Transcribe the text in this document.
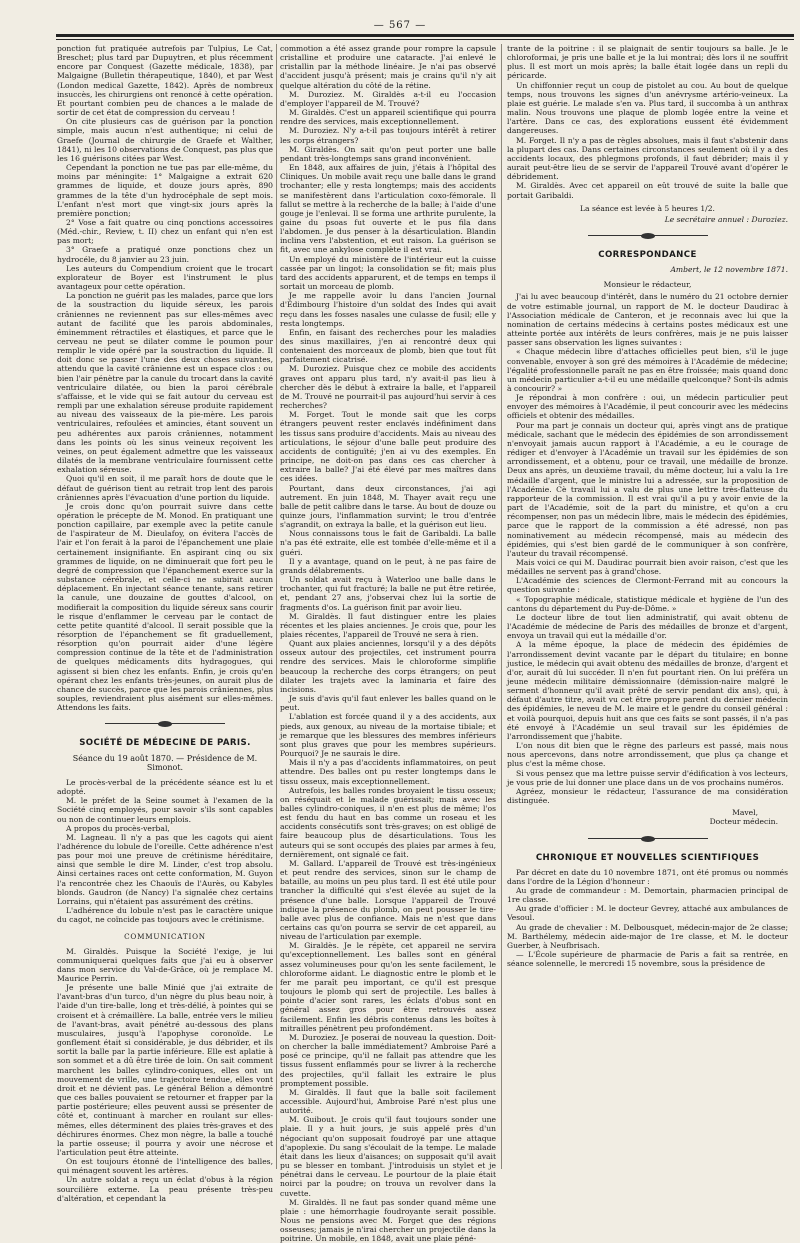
— 567 —

ponction fut pratiquée autrefois par Tulpius, Le Cat, Breschet; plus tard par Dupuytren, et plus récemment encore par Conquest (Gazette médicale, 1838), par Malgaigne (Bulletin thérapeutique, 1840), et par West (London medical Gazette, 1842). Après de nombreux insuccès, les chirurgiens ont renoncé à cette opération. Et pourtant combien peu de chances a le malade de sortir de cet état de compression du cerveau !

On cite plusieurs cas de guérison par la ponction simple, mais aucun n'est authentique; ni celui de Graefe (Journal de chirurgie de Graefe et Walther, 1841), ni les 10 observations de Conquest, pas plus que les 16 guérisons citées par West.

Cependant la ponction ne tue pas par elle-même, du moins par méningite: 1° Malgaigne a extrait 620 grammes de liquide, et douze jours après, 890 grammes de la tête d'un hydrocéphale de sept mois. L'enfant n'est mort que vingt-six jours après la première ponction;

2° Vose a fait quatre ou cinq ponctions accessoires (Méd.-chir., Review, t. II) chez un enfant qui n'en est pas mort;

3° Graefe a pratiqué onze ponctions chez un hydrocéle, du 8 janvier au 23 juin.

Les auteurs du Compendium croient que le trocart explorateur de Boyer est l'instrument le plus avantageux pour cette opération.

La ponction ne guérit pas les malades, parce que lors de la soustraction du liquide séreux, les parois crâniennes ne reviennent pas sur elles-mêmes avec autant de facilité que les parois abdominales, éminemment rétractiles et élastiques, et parce que le cerveau ne peut se dilater comme le poumon pour remplir le vide opéré par la soustraction du liquide. Il doit donc se passer l'une des deux choses suivantes, attendu que la cavité crânienne est un espace clos : ou bien l'air pénètre par la canule du trocart dans la cavité ventriculaire dilatée, ou bien la paroi cérébrale s'affaisse, et le vide qui se fait autour du cerveau est rempli par une exhalation séreuse produite rapidement au niveau des vaisseaux de la pie-mère. Les parois ventriculaires, refoulées et amincies, étant souvent un peu adhérentes aux parois crâniennes, notamment dans les points où les sinus veineux reçoivent les veines, on peut également admettre que les vaisseaux dilatés de la membrane ventriculaire fournissent cette exhalation séreuse.

Quoi qu'il en soit, il me paraît hors de doute que le défaut de guérison tient au retrait trop lent des parois crâniennes après l'évacuation d'une portion du liquide.

Je crois donc qu'on pourrait suivre dans cette opération le précepte de M. Monod. En pratiquant une ponction capillaire, par exemple avec la petite canule de l'aspirateur de M. Dieulafoy, on évitera l'accès de l'air et l'on ferait à la paroi de l'épanchement une plaie certainement insignifiante. En aspirant cinq ou six grammes de liquide, on ne diminuerait que fort peu le degré de compression que l'épanchement exerce sur la substance cérébrale, et celle-ci ne subirait aucun déplacement. En injectant séance tenante, sans retirer la canule, une douzaine de gouttes d'alcool, on modifierait la composition du liquide séreux sans courir le risque d'enflammer le cerveau par le contact de cette petite quantité d'alcool. Il serait possible que la résorption de l'épanchement se fît graduellement, résorption qu'on pourrait aider d'une légère compression continue de la tête et de l'administration de quelques médicaments dits hydragogues, qui agissent si bien chez les enfants. Enfin, je crois qu'en opérant chez les enfants très-jeunes, on aurait plus de chance de succès, parce que les parois crâniennes, plus souples, reviendraient plus aisément sur elles-mêmes. Attendons les faits.

SOCIÉTÉ DE MÉDECINE DE PARIS.
Séance du 19 août 1870. — Présidence de M. Simonot.

Le procès-verbal de la précédente séance est lu et adopté.

M. le préfet de la Seine soumet à l'examen de la Société cinq employés, pour savoir s'ils sont capables ou non de continuer leurs emplois.

A propos du procès-verbal,

M. Lagneau. Il n'y a pas que les cagots qui aient l'adhérence du lobule de l'oreille. Cette adhérence n'est pas pour moi une preuve de crétinisme héréditaire, ainsi que semble le dire M. Linder, c'est trop absolu. Ainsi certaines races ont cette conformation, M. Guyon l'a rencontrée chez les Chaouïs de l'Aurès, ou Kabyles blonds. Gaudron (de Nancy) l'a signalée chez certains Lorrains, qui n'étaient pas assurément des crétins.

L'adhérence du lobule n'est pas le caractère unique du cagot, ne coïncide pas toujours avec le crétinisme.

COMMUNICATION

M. Giraldès. Puisque la Société l'exige, je lui communiquerai quelques faits que j'ai eu à observer dans mon service du Val-de-Grâce, où je remplace M. Maurice Perrin.

Je présente une balle Minié que j'ai extraite de l'avant-bras d'un turco, d'un nègre du plus beau noir, à l'aide d'un tire-balle, long et très-délié, à pointes qui se croisent et à crémaillère. La balle, entrée vers le milieu de l'avant-bras, avait pénétré au-dessous des plans musculaires, jusqu'à l'apophyse coronoïde. Le gonflement était si considérable, je dus débrider, et ils sortit la balle par la partie inférieure. Elle est aplatie à son sommet et a dû être tirée de loin. On sait comment marchent les balles cylindro-coniques, elles ont un mouvement de vrille, une trajectoire tendue, elles vont droit et ne dévient pas. Le général Bélion a démontré que ces balles pouvaient se retourner et frapper par la partie postérieure; elles peuvent aussi se présenter de côté et, continuant à marcher en roulant sur elles-mêmes, elles déterminent des plaies très-graves et des déchirures énormes. Chez mon nègre, la balle a touché la partie osseuse; il pourra y avoir une nécrose et l'articulation peut être atteinte.

On est toujours étonné de l'intelligence des balles, qui ménagent souvent les artères.

Un autre soldat a reçu un éclat d'obus à la région sourcilière externe. La peau présente très-peu d'altération, et cependant la

commotion a été assez grande pour rompre la capsule cristalline et produire une cataracte. J'ai enlevé le cristallin par la méthode linéaire. Je n'ai pas observé d'accident jusqu'à présent; mais je crains qu'il n'y ait quelque altération du côté de la rétine.

M. Duroziez. M. Giraldès a-t-il eu l'occasion d'employer l'appareil de M. Trouvé?

M. Giraldès. C'est un appareil scientifique qui pourra rendre des services, mais exceptionnellement.

M. Duroziez. N'y a-t-il pas toujours intérêt à retirer les corps étrangers?

M. Giraldès. On sait qu'on peut porter une balle pendant très-longtemps sans grand inconvénient.

En 1848, aux affaires de juin, j'étais à l'hôpital des Cliniques. Un mobile avait reçu une balle dans le grand trochanter; elle y resta longtemps; mais des accidents se manifestèrent dans l'articulation coxo-fémorale. Il fallut se mettre à la recherche de la balle; à l'aide d'une gouge je l'enlevai. Il se forma une arthrite purulente, la gaine du psoas fut ouverte et le pus fila dans l'abdomen. Je dus penser à la désarticulation. Blandin inclina vers l'abstention, et eut raison. La guérison se fit, avec une ankylose complète il est vrai.

Un employé du ministère de l'intérieur eut la cuisse cassée par un lingot; la consolidation se fit; mais plus tard des accidents apparurent, et de temps en temps il sortait un morceau de plomb.

Je me rappelle avoir lu dans l'ancien Journal d'Édimbourg l'histoire d'un soldat des Indes qui avait reçu dans les fosses nasales une culasse de fusil; elle y resta longtemps.

Enfin, en faisant des recherches pour les maladies des sinus maxillaires, j'en ai rencontré deux qui contenaient des morceaux de plomb, bien que tout fût parfaitement cicatrisé.

M. Duroziez. Puisque chez ce mobile des accidents graves ont apparu plus tard, n'y avait-il pas lieu à chercher dès le début à extraire la balle, et l'appareil de M. Trouvé ne pourrait-il pas aujourd'hui servir à ces recherches?

M. Forget. Tout le monde sait que les corps étrangers peuvent rester enclavés indéfiniment dans les tissus sans produire d'accidents. Mais au niveau des articulations, le séjour d'une balle peut produire des accidents de contiguïté; j'en ai vu des exemples. En principe, ne doit-on pas dans ces cas chercher à extraire la balle? J'ai été élevé par mes maîtres dans ces idées.

Pourtant, dans deux circonstances, j'ai agi autrement. En juin 1848, M. Thayer avait reçu une balle de petit calibre dans le tarse. Au bout de douze ou quinze jours, l'inflammation survint; le trou d'entrée s'agrandit, on extraya la balle, et la guérison eut lieu.

Nous connaissons tous le fait de Garibaldi. La balle n'a pas été extraite, elle est tombée d'elle-même et il a guéri.

Il y a avantage, quand on le peut, à ne pas faire de grands délabrements.

Un soldat avait reçu à Waterloo une balle dans le trochanter, qui fut fracturé; la balle ne put être retirée, et, pendant 27 ans, j'observai chez lui la sortie de fragments d'os. La guérison finit par avoir lieu.

M. Giraldès. Il faut distinguer entre les plaies récentes et les plaies anciennes. Je crois que, pour les plaies récentes, l'appareil de Trouvé ne sera à rien.

Quant aux plaies anciennes, lorsqu'il y a des dépôts osseux autour des projectiles, cet instrument pourra rendre des services. Mais le chloroforme simplifie beaucoup la recherche des corps étrangers; on peut dilater les trajets avec la laminaria et faire des incisions.

Je suis d'avis qu'il faut enlever les balles quand on le peut.

L'ablation est forcée quand il y a des accidents, aux pieds, aux genoux, au niveau de la mortaise tibiale; et je remarque que les blessures des membres inférieurs sont plus graves que pour les membres supérieurs. Pourquoi? Je ne saurais le dire.

Mais il n'y a pas d'accidents inflammatoires, on peut attendre. Des balles ont pu rester longtemps dans le tissu osseux, mais exceptionnellement.

Autrefois, les balles rondes broyaient le tissu osseux; on réséquait et le malade guérissait; mais avec les balles cylindro-coniques, il n'en est plus de même; l'os est fendu du haut en bas comme un roseau et les accidents consécutifs sont très-graves; on est obligé de faire beaucoup plus de désarticulations. Tous les auteurs qui se sont occupés des plaies par armes à feu, dernièrement, ont signalé ce fait.

M. Gallard. L'appareil de Trouvé est très-ingénieux et peut rendre des services, sinon sur le champ de bataille, au moins un peu plus tard. Il est été utile pour trancher la difficulté qui s'est élevée au sujet de la présence d'une balle. Lorsque l'appareil de Trouvé indique la présence du plomb, on peut pousser le tire-balle avec plus de confiance. Mais ne n'est que dans certains cas qu'on pourra se servir de cet appareil, au niveau de l'articulation par exemple.

M. Giraldès. Je le répète, cet appareil ne servira qu'exceptionnellement. Les balles sont en général assez volumineuses pour qu'on les sente facilement, le chloroforme aidant. Le diagnostic entre le plomb et le fer me paraît peu important, ce qu'il est presque toujours le plomb qui sert de projectile. Les balles à pointe d'acier sont rares, les éclats d'obus sont en général assez gros pour être retrouvés assez facilement. Enfin les débris contenus dans les boîtes à mitrailles pénètrent peu profondément.

M. Duroziez. Je poserai de nouveau la question. Doit-on chercher la balle immédiatement? Ambroise Paré a posé ce principe, qu'il ne fallait pas attendre que les tissus fussent enflammés pour se livrer à la recherche des projectiles, qu'il fallait les extraire le plus promptement possible.

M. Giraldès. Il faut que la balle soit facilement accessible. Aujourd'hui, Ambroise Paré n'est plus une autorité.

M. Guibout. Je crois qu'il faut toujours sonder une plaie. Il y a huit jours, je suis appelé près d'un négociant qu'on supposait foudroyé par une attaque d'apoplexie. Du sang s'écoulait de la tempe. Le malade était dans les lieux d'aisances; on supposait qu'il avait pu se blesser en tombant. J'introduisis un stylet et je pénétrai dans le cerveau. Le pourtour de la plaie était noirci par la poudre; on trouva un revolver dans la cuvette.

M. Giraldès. Il ne faut pas sonder quand même une plaie : une hémorrhagie foudroyante serait possible. Nous ne pensions avec M. Forget que des régions osseuses; jamais je n'irai chercher un projectile dans la poitrine. Un mobile, en 1848, avait une plaie péné-

trante de la poitrine : il se plaignait de sentir toujours sa balle. Je le chloroformai, je pris une balle et je la lui montrai; dès lors il ne souffrit plus. Il est mort un mois après; la balle était logée dans un repli du péricarde.

Un chiffonnier reçut un coup de pistolet au cou. Au bout de quelque temps, nous trouvons les signes d'un anévrysme artério-veineux. La plaie est guérie. Le malade s'en va. Plus tard, il succomba à un anthrax malin. Nous trouvons une plaque de plomb logée entre la veine et l'artère. Dans ce cas, des explorations eussent été évidemment dangereuses.

M. Forget. Il n'y a pas de règles absolues, mais il faut s'abstenir dans la plupart des cas. Dans certaines circonstances seulement où il y a des accidents locaux, des phlegmons profonds, il faut débrider; mais il y aurait peut-être lieu de se servir de l'appareil Trouvé avant d'opérer le débridement.

M. Giraldès. Avec cet appareil on eût trouvé de suite la balle que portait Garibaldi.

La séance est levée à 5 heures 1/2.

Le secrétaire annuel : Duroziez.

CORRESPONDANCE

Ambert, le 12 novembre 1871.

Monsieur le rédacteur,

J'ai lu avec beaucoup d'intérêt, dans le numéro du 21 octobre dernier de votre estimable journal, un rapport de M. le docteur Daudirac à l'Association médicale de Canteron, et je reconnais avec lui que la nomination de certains médecins à certains postes médicaux est une atteinte portée aux intérêts de leurs confrères, mais je ne puis laisser passer sans observation les lignes suivantes :

« Chaque médecin libre d'attaches officielles peut bien, s'il le juge convenable, envoyer à son gré des mémoires à l'Académie de médecine; l'égalité professionnelle paraît ne pas en être froissée; mais quand donc un médecin particulier a-t-il eu une médaille quelconque? Sont-ils admis à concourir? »

Je répondrai à mon confrère : oui, un médecin particulier peut envoyer des mémoires à l'Académie, il peut concourir avec les médecins officiels et obtenir des médailles.

Pour ma part je connais un docteur qui, après vingt ans de pratique médicale, sachant que le médecin des épidémies de son arrondissement n'envoyait jamais aucun rapport à l'Académie, a eu le courage de rédiger et d'envoyer à l'Académie un travail sur les épidémies de son arrondissement, et a obtenu, pour ce travail, une médaille de bronze. Deux ans après, un deuxième travail, du même docteur, lui a valu la 1re médaille d'argent, que le ministre lui a adressée, sur la proposition de l'Académie. Cè travail lui a valu de plus une lettre très-flatteuse du rapporteur de la commission. Il est vrai qu'il a pu y avoir envie de la part de l'Académie, soit de la part du ministre, et qu'on a cru récompenser, non pas un médecin libre, mais le médecin des épidémies, parce que le rapport de la commission a été adressé, non pas nominativement au médecin récompensé, mais au médecin des épidémies, qui s'est bien gardé de le communiquer à son confrère, l'auteur du travail récompensé.

Mais voici ce qui M. Daudirac pourrait bien avoir raison, c'est que les médailles ne servent pas à grand'chose.

L'Académie des sciences de Clermont-Ferrand mit au concours la question suivante :

« Topographie médicale, statistique médicale et hygiène de l'un des cantons du département du Puy-de-Dôme. »

Le docteur libre de tout lien administratif, qui avait obtenu de l'Académie de médecine de Paris des médailles de bronze et d'argent, envoya un travail qui eut la médaille d'or.

A la même époque, la place de médecin des épidémies de l'arrondissement devint vacante par le départ du titulaire; en bonne justice, le médecin qui avait obtenu des médailles de bronze, d'argent et d'or, aurait dû lui succéder. Il n'en fut pourtant rien. On lui préféra un jeune médecin militaire démissionnaire (démission-naire malgré le serment d'honneur qu'il avait prêté de servir pendant dix ans), qui, à défaut d'autre titre, avait vu cet être propre parent du dernier médecin des épidémies, le neveu de M. le maire et le gendre du conseil général : et voilà pourquoi, depuis huit ans que ces faits se sont passés, il n'a pas été envoyé à l'Académie un seul travail sur les épidémies de l'arrondissement que j'habite.

L'on nous dit bien que le règne des parleurs est passé, mais nous nous apercevons, dans notre arrondissement, que plus ça change et plus c'est la même chose.

Si vous pensez que ma lettre puisse servir d'édification à vos lecteurs, je vous prie de lui donner une place dans un de vos prochains numéros.

Agréez, monsieur le rédacteur, l'assurance de ma considération distinguée.

Mavel,

Docteur médecin.

CHRONIQUE ET NOUVELLES SCIENTIFIQUES

Par décret en date du 10 novembre 1871, ont été promus ou nommés dans l'ordre de la Légion d'honneur :

Au grade de commandeur : M. Demortain, pharmacien principal de 1re classe.

Au grade d'officier : M. le docteur Gevrey, attaché aux ambulances de Vesoul.

Au grade de chevalier : M. Delbousquet, médecin-major de 2e classe; M. Barthélemy, médecin aide-major de 1re classe, et M. le docteur Guerber, à Neufbrisach.

— L'École supérieure de pharmacie de Paris a fait sa rentrée, en séance solennelle, le mercredi 15 novembre, sous la présidence de
